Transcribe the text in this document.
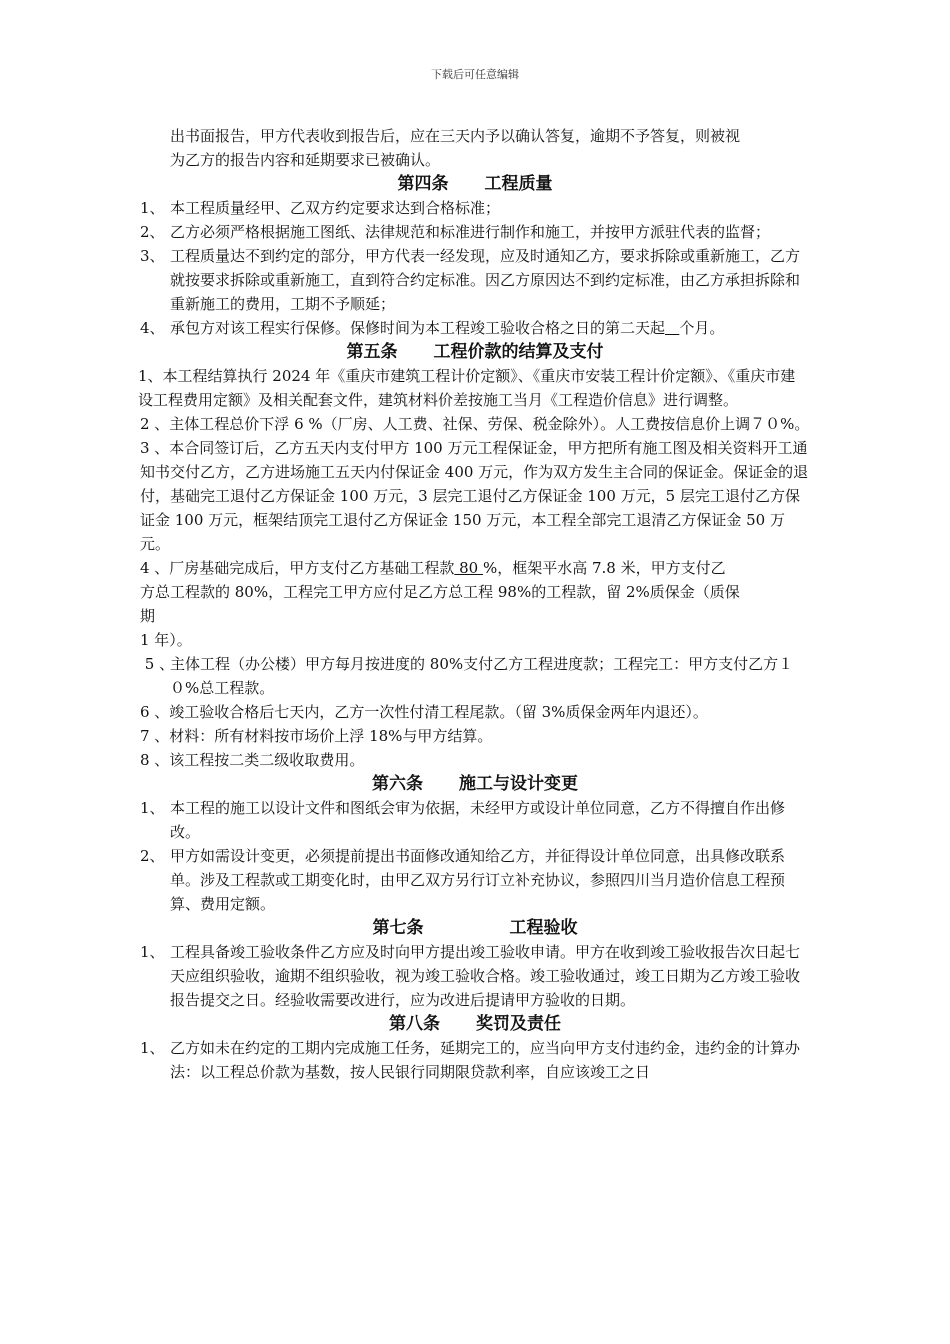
下载后可任意编辑

出书面报告，甲方代表收到报告后，应在三天内予以确认答复，逾期不予答复，则被视

为乙方的报告内容和延期要求已被确认。

第四条 工程质量

1、 本工程质量经甲、乙双方约定要求达到合格标准；
2、 乙方必须严格根据施工图纸、法律规范和标准进行制作和施工，并按甲方派驻代表的监督；
3、 工程质量达不到约定的部分，甲方代表一经发现，应及时通知乙方，要求拆除或重新施工，乙方就按要求拆除或重新施工，直到符合约定标准。因乙方原因达不到约定标准，由乙方承担拆除和重新施工的费用，工期不予顺延；
4、 承包方对该工程实行保修。保修时间为本工程竣工验收合格之日的第二天起 个月。

第五条 工程价款的结算及支付

1、本工程结算执行 2024 年《重庆市建筑工程计价定额》、《重庆市安装工程计价定额》、《重庆市建设工程费用定额》及相关配套文件，建筑材料价差按施工当月《工程造价信息》进行调整。

2 、主体工程总价下浮 6 %（厂房、人工费、社保、劳保、税金除外）。人工费按信息价上调７０%。

3 、本合同签订后，乙方五天内支付甲方 100 万元工程保证金，甲方把所有施工图及相关资料开工通知书交付乙方，乙方进场施工五天内付保证金 400 万元，作为双方发生主合同的保证金。保证金的退付，基础完工退付乙方保证金 100 万元，3 层完工退付乙方保证金 100 万元，5 层完工退付乙方保证金 100 万元，框架结顶完工退付乙方保证金 150 万元，本工程全部完工退清乙方保证金 50 万元。

4 、厂房基础完成后，甲方支付乙方基础工程款 80 %，框架平水高 7.8 米，甲方支付乙

方总工程款的 80%，工程完工甲方应付足乙方总工程 98%的工程款，留 2%质保金（质保

期

1 年）。

5 、
主体工程（办公楼）甲方每月按进度的 80%支付乙方工程进度款；工程完工：甲方支付乙方１０%总工程款。

6 、竣工验收合格后七天内，乙方一次性付清工程尾款。（留 3%质保金两年内退还）。

7 、材料：所有材料按市场价上浮 18%与甲方结算。

8 、该工程按二类二级收取费用。

第六条 施工与设计变更

1、 本工程的施工以设计文件和图纸会审为依据，未经甲方或设计单位同意，乙方不得擅自作出修改。
2、 甲方如需设计变更，必须提前提出书面修改通知给乙方，并征得设计单位同意，出具修改联系单。涉及工程款或工期变化时，由甲乙双方另行订立补充协议，参照四川当月造价信息工程预算、费用定额。

第七条	工程验收

1、 工程具备竣工验收条件乙方应及时向甲方提出竣工验收申请。甲方在收到竣工验收报告次日起七天应组织验收，逾期不组织验收，视为竣工验收合格。竣工验收通过，竣工日期为乙方竣工验收报告提交之日。经验收需要改进行，应为改进后提请甲方验收的日期。

第八条 奖罚及责任

1、 乙方如未在约定的工期内完成施工任务，延期完工的，应当向甲方支付违约金，违约金的计算办法：以工程总价款为基数，按人民银行同期限贷款利率，自应该竣工之日
